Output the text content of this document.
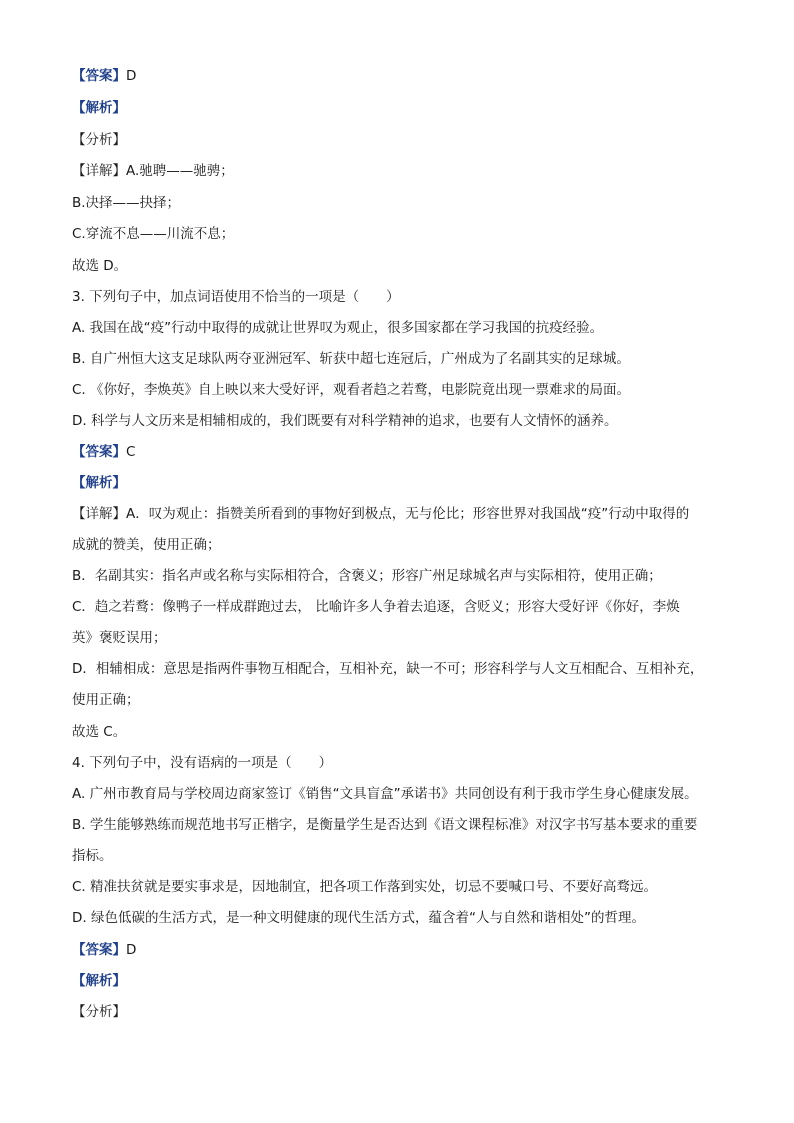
【答案】D
【解析】
【分析】
【详解】A.驰聘——驰骋；
B.决择——抉择；
C.穿流不息——川流不息；
故选 D。
3. 下列句子中，加点词语使用不恰当的一项是（　　）
A. 我国在战“疫”行动中取得的成就让世界叹为观止，很多国家都在学习我国的抗疫经验。
B. 自广州恒大这支足球队两夺亚洲冠军、斩获中超七连冠后，广州成为了名副其实的足球城。
C. 《你好，李焕英》自上映以来大受好评，观看者趋之若鹜，电影院竟出现一票难求的局面。
D. 科学与人文历来是相辅相成的，我们既要有对科学精神的追求，也要有人文情怀的涵养。
【答案】C
【解析】
【详解】A．叹为观止：指赞美所看到的事物好到极点，无与伦比；形容世界对我国战“疫”行动中取得的
成就的赞美，使用正确；
B．名副其实：指名声或名称与实际相符合，含褒义；形容广州足球城名声与实际相符，使用正确；
C．趋之若鹜：像鸭子一样成群跑过去， 比喻许多人争着去追逐，含贬义；形容大受好评《你好，李焕
英》褒贬误用；
D．相辅相成：意思是指两件事物互相配合，互相补充，缺一不可；形容科学与人文互相配合、互相补充，
使用正确；
故选 C。
4. 下列句子中，没有语病的一项是（　　）
A. 广州市教育局与学校周边商家签订《销售“文具盲盒”承诺书》共同创设有利于我市学生身心健康发展。
B. 学生能够熟练而规范地书写正楷字，是衡量学生是否达到《语文课程标准》对汉字书写基本要求的重要
指标。
C. 精准扶贫就是要实事求是，因地制宜，把各项工作落到实处，切忌不要喊口号、不要好高骛远。
D. 绿色低碳的生活方式，是一种文明健康的现代生活方式，蕴含着“人与自然和谐相处”的哲理。
【答案】D
【解析】
【分析】
